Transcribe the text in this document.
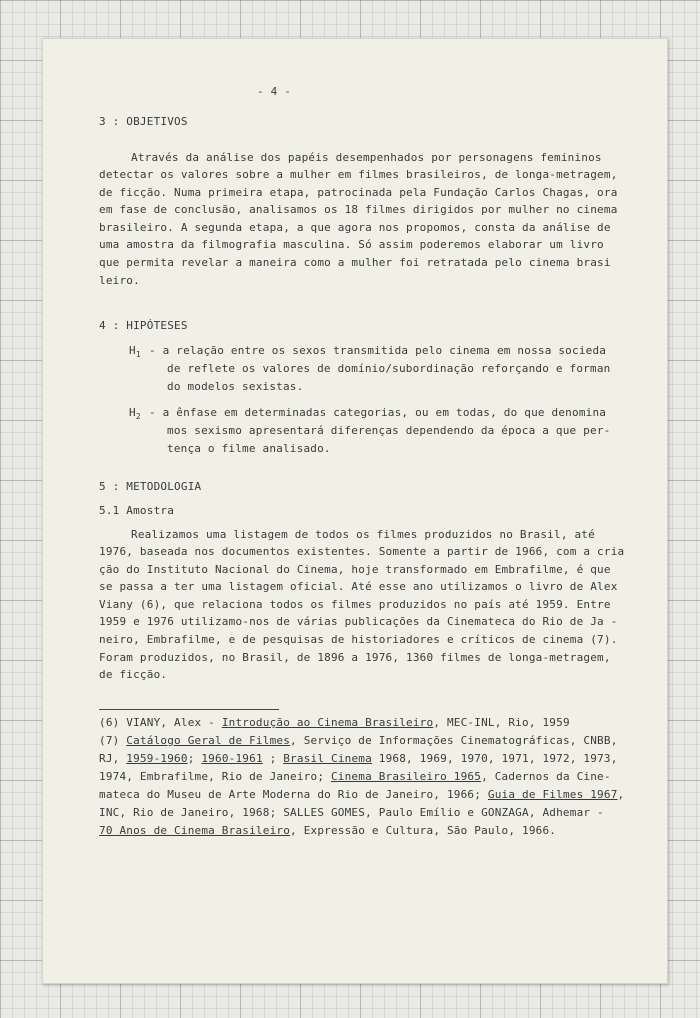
- 4 -
3 : OBJETIVOS
Através da análise dos papéis desempenhados por personagens femininos
detectar os valores sobre a mulher em filmes brasileiros, de longa-metragem,
de ficção. Numa primeira etapa, patrocinada pela Fundação Carlos Chagas, ora
em fase de conclusão, analisamos os 18 filmes dirigidos por mulher no cinema
brasileiro. A segunda etapa, a que agora nos propomos, consta da análise de
uma amostra da filmografia masculina. Só assim poderemos elaborar um livro
que permita revelar a maneira como a mulher foi retratada pelo cinema brasi
leiro.
4 : HIPÓTESES
$H_1$ - a relação entre os sexos transmitida pelo cinema em nossa socieda
de reflete os valores de domínio/subordinação reforçando e forman
do modelos sexistas.
$H_2$ - a ênfase em determinadas categorias, ou em todas, do que denomina
mos sexismo apresentará diferenças dependendo da época a que per-
tença o filme analisado.
5 : METODOLOGIA
5.1 Amostra
Realizamos uma listagem de todos os filmes produzidos no Brasil, até
1976, baseada nos documentos existentes. Somente a partir de 1966, com a cria
ção do Instituto Nacional do Cinema, hoje transformado em Embrafilme, é que
se passa a ter uma listagem oficial. Até esse ano utilizamos o livro de Alex
Viany (6), que relaciona todos os filmes produzidos no país até 1959. Entre
1959 e 1976 utilizamo-nos de várias publicações da Cinemateca do Rio de Ja -
neiro, Embrafilme, e de pesquisas de historiadores e críticos de cinema (7).
Foram produzidos, no Brasil, de 1896 a 1976, 1360 filmes de longa-metragem,
de ficção.
(6) VIANY, Alex - Introdução ao Cinema Brasileiro, MEC-INL, Rio, 1959
(7) Catálogo Geral de Filmes, Serviço de Informações Cinematográficas, CNBB,
RJ, 1959-1960; 1960-1961 ; Brasil Cinema 1968, 1969, 1970, 1971, 1972, 1973,
1974, Embrafilme, Rio de Janeiro; Cinema Brasileiro 1965, Cadernos da Cine-
mateca do Museu de Arte Moderna do Rio de Janeiro, 1966; Guia de Filmes 1967,
INC, Rio de Janeiro, 1968; SALLES GOMES, Paulo Emílio e GONZAGA, Adhemar -
70 Anos de Cinema Brasileiro, Expressão e Cultura, São Paulo, 1966.
